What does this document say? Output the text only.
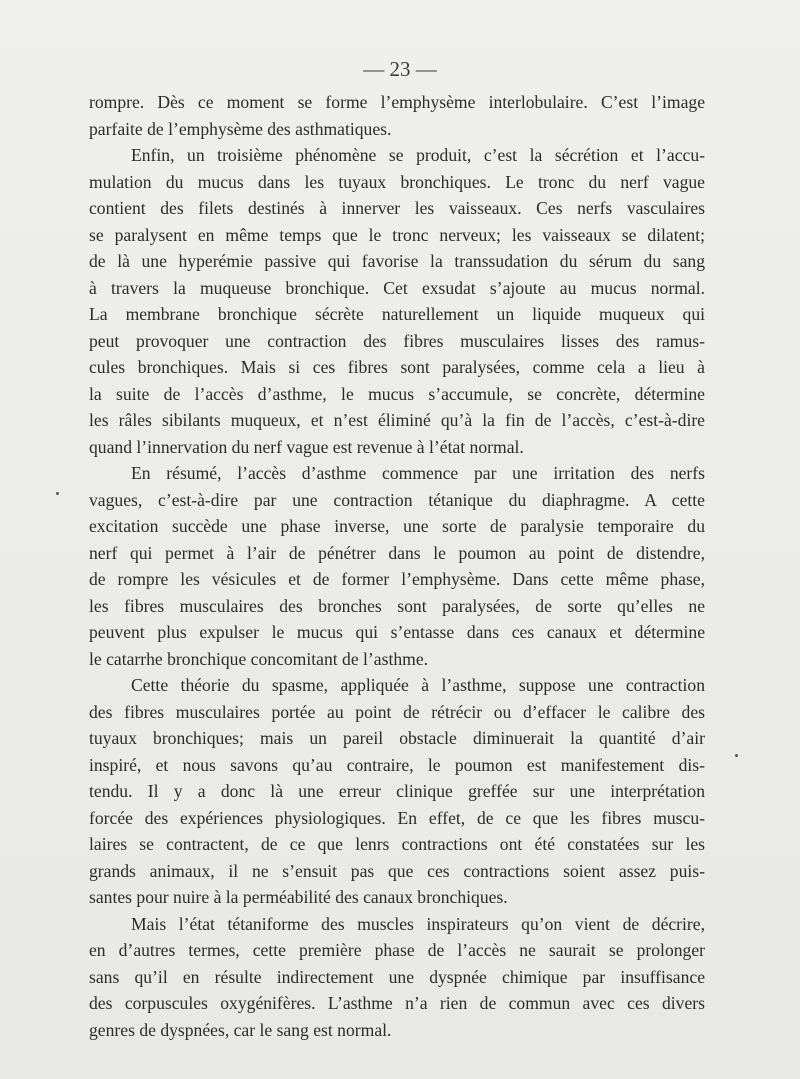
— 23 —

rompre. Dès ce moment se forme l’emphysème interlobulaire. C’est l’image
parfaite de l’emphysème des asthmatiques.

Enfin, un troisième phénomène se produit, c’est la sécrétion et l’accu-
mulation du mucus dans les tuyaux bronchiques. Le tronc du nerf vague
contient des filets destinés à innerver les vaisseaux. Ces nerfs vasculaires
se paralysent en même temps que le tronc nerveux; les vaisseaux se dilatent;
de là une hyperémie passive qui favorise la transsudation du sérum du sang
à travers la muqueuse bronchique. Cet exsudat s’ajoute au mucus normal.
La membrane bronchique sécrète naturellement un liquide muqueux qui
peut provoquer une contraction des fibres musculaires lisses des ramus-
cules bronchiques. Mais si ces fibres sont paralysées, comme cela a lieu à
la suite de l’accès d’asthme, le mucus s’accumule, se concrète, détermine
les râles sibilants muqueux, et n’est éliminé qu’à la fin de l’accès, c’est-à-dire
quand l’innervation du nerf vague est revenue à l’état normal.

En résumé, l’accès d’asthme commence par une irritation des nerfs
vagues, c’est-à-dire par une contraction tétanique du diaphragme. A cette
excitation succède une phase inverse, une sorte de paralysie temporaire du
nerf qui permet à l’air de pénétrer dans le poumon au point de distendre,
de rompre les vésicules et de former l’emphysème. Dans cette même phase,
les fibres musculaires des bronches sont paralysées, de sorte qu’elles ne
peuvent plus expulser le mucus qui s’entasse dans ces canaux et détermine
le catarrhe bronchique concomitant de l’asthme.

Cette théorie du spasme, appliquée à l’asthme, suppose une contraction
des fibres musculaires portée au point de rétrécir ou d’effacer le calibre des
tuyaux bronchiques; mais un pareil obstacle diminuerait la quantité d’air
inspiré, et nous savons qu’au contraire, le poumon est manifestement dis-
tendu. Il y a donc là une erreur clinique greffée sur une interprétation
forcée des expériences physiologiques. En effet, de ce que les fibres muscu-
laires se contractent, de ce que lenrs contractions ont été constatées sur les
grands animaux, il ne s’ensuit pas que ces contractions soient assez puis-
santes pour nuire à la perméabilité des canaux bronchiques.

Mais l’état tétaniforme des muscles inspirateurs qu’on vient de décrire,
en d’autres termes, cette première phase de l’accès ne saurait se prolonger
sans qu’il en résulte indirectement une dyspnée chimique par insuffisance
des corpuscules oxygénifères. L’asthme n’a rien de commun avec ces divers
genres de dyspnées, car le sang est normal.
